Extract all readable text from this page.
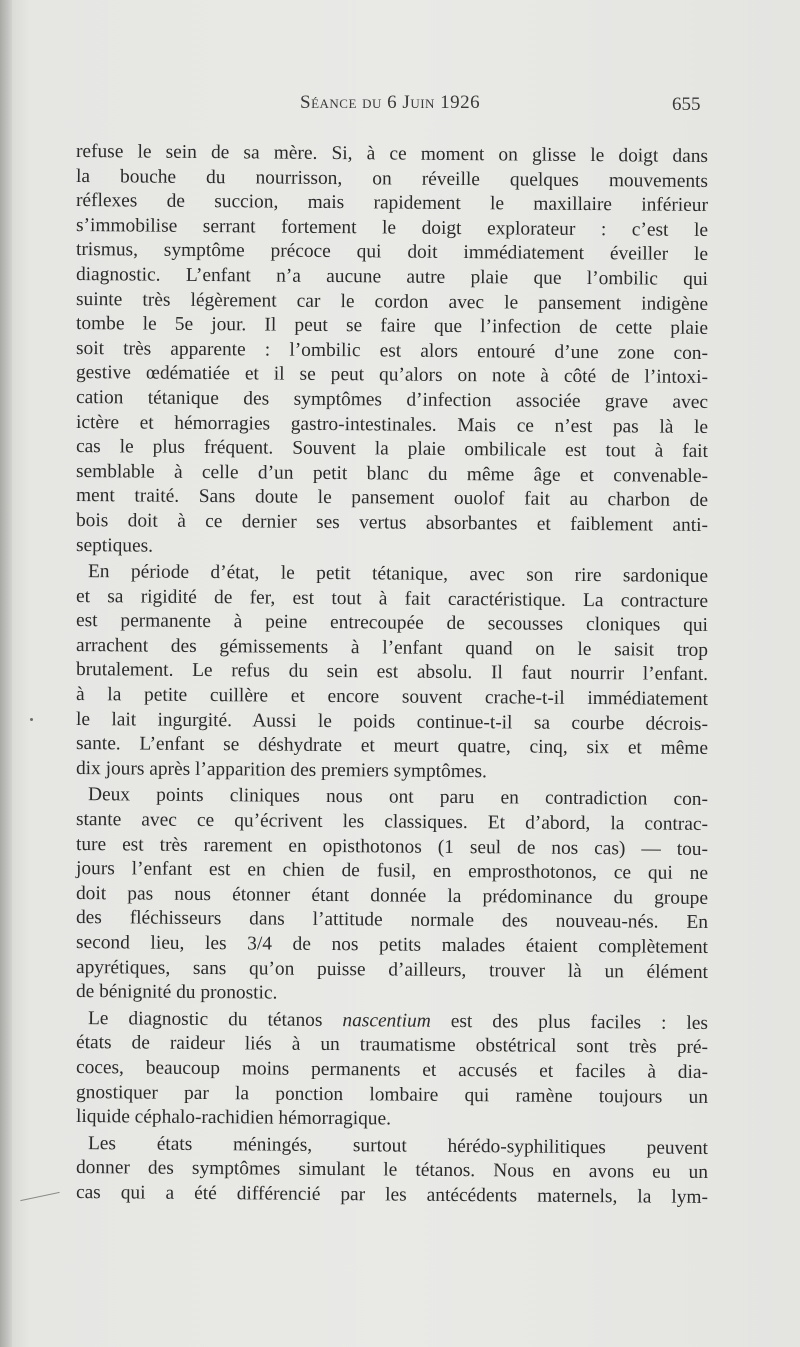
Séance du 6 Juin 1926	655
refuse le sein de sa mère. Si, à ce moment on glisse le doigt dans
la bouche du nourrisson, on réveille quelques mouvements
réflexes de succion, mais rapidement le maxillaire inférieur
s’immobilise serrant fortement le doigt explorateur : c’est le
trismus, symptôme précoce qui doit immédiatement éveiller le
diagnostic. L’enfant n’a aucune autre plaie que l’ombilic qui
suinte très légèrement car le cordon avec le pansement indigène
tombe le 5e jour. Il peut se faire que l’infection de cette plaie
soit très apparente : l’ombilic est alors entouré d’une zone con-
gestive œdématiée et il se peut qu’alors on note à côté de l’intoxi-
cation tétanique des symptômes d’infection associée grave avec
ictère et hémorragies gastro-intestinales. Mais ce n’est pas là le
cas le plus fréquent. Souvent la plaie ombilicale est tout à fait
semblable à celle d’un petit blanc du même âge et convenable-
ment traité. Sans doute le pansement ouolof fait au charbon de
bois doit à ce dernier ses vertus absorbantes et faiblement anti-
septiques.
En période d’état, le petit tétanique, avec son rire sardonique
et sa rigidité de fer, est tout à fait caractéristique. La contracture
est permanente à peine entrecoupée de secousses cloniques qui
arrachent des gémissements à l’enfant quand on le saisit trop
brutalement. Le refus du sein est absolu. Il faut nourrir l’enfant.
à la petite cuillère et encore souvent crache-t-il immédiatement
le lait ingurgité. Aussi le poids continue-t-il sa courbe décrois-
sante. L’enfant se déshydrate et meurt quatre, cinq, six et même
dix jours après l’apparition des premiers symptômes.
Deux points cliniques nous ont paru en contradiction con-
stante avec ce qu’écrivent les classiques. Et d’abord, la contrac-
ture est très rarement en opisthotonos (1 seul de nos cas) — tou-
jours l’enfant est en chien de fusil, en emprosthotonos, ce qui ne
doit pas nous étonner étant donnée la prédominance du groupe
des fléchisseurs dans l’attitude normale des nouveau-nés. En
second lieu, les 3/4 de nos petits malades étaient complètement
apyrétiques, sans qu’on puisse d’ailleurs, trouver là un élément
de bénignité du pronostic.
Le diagnostic du tétanos nascentium est des plus faciles : les
états de raideur liés à un traumatisme obstétrical sont très pré-
coces, beaucoup moins permanents et accusés et faciles à dia-
gnostiquer par la ponction lombaire qui ramène toujours un
liquide céphalo-rachidien hémorragique.
Les états méningés, surtout hérédo-syphilitiques peuvent
donner des symptômes simulant le tétanos. Nous en avons eu un
cas qui a été différencié par les antécédents maternels, la lym-
